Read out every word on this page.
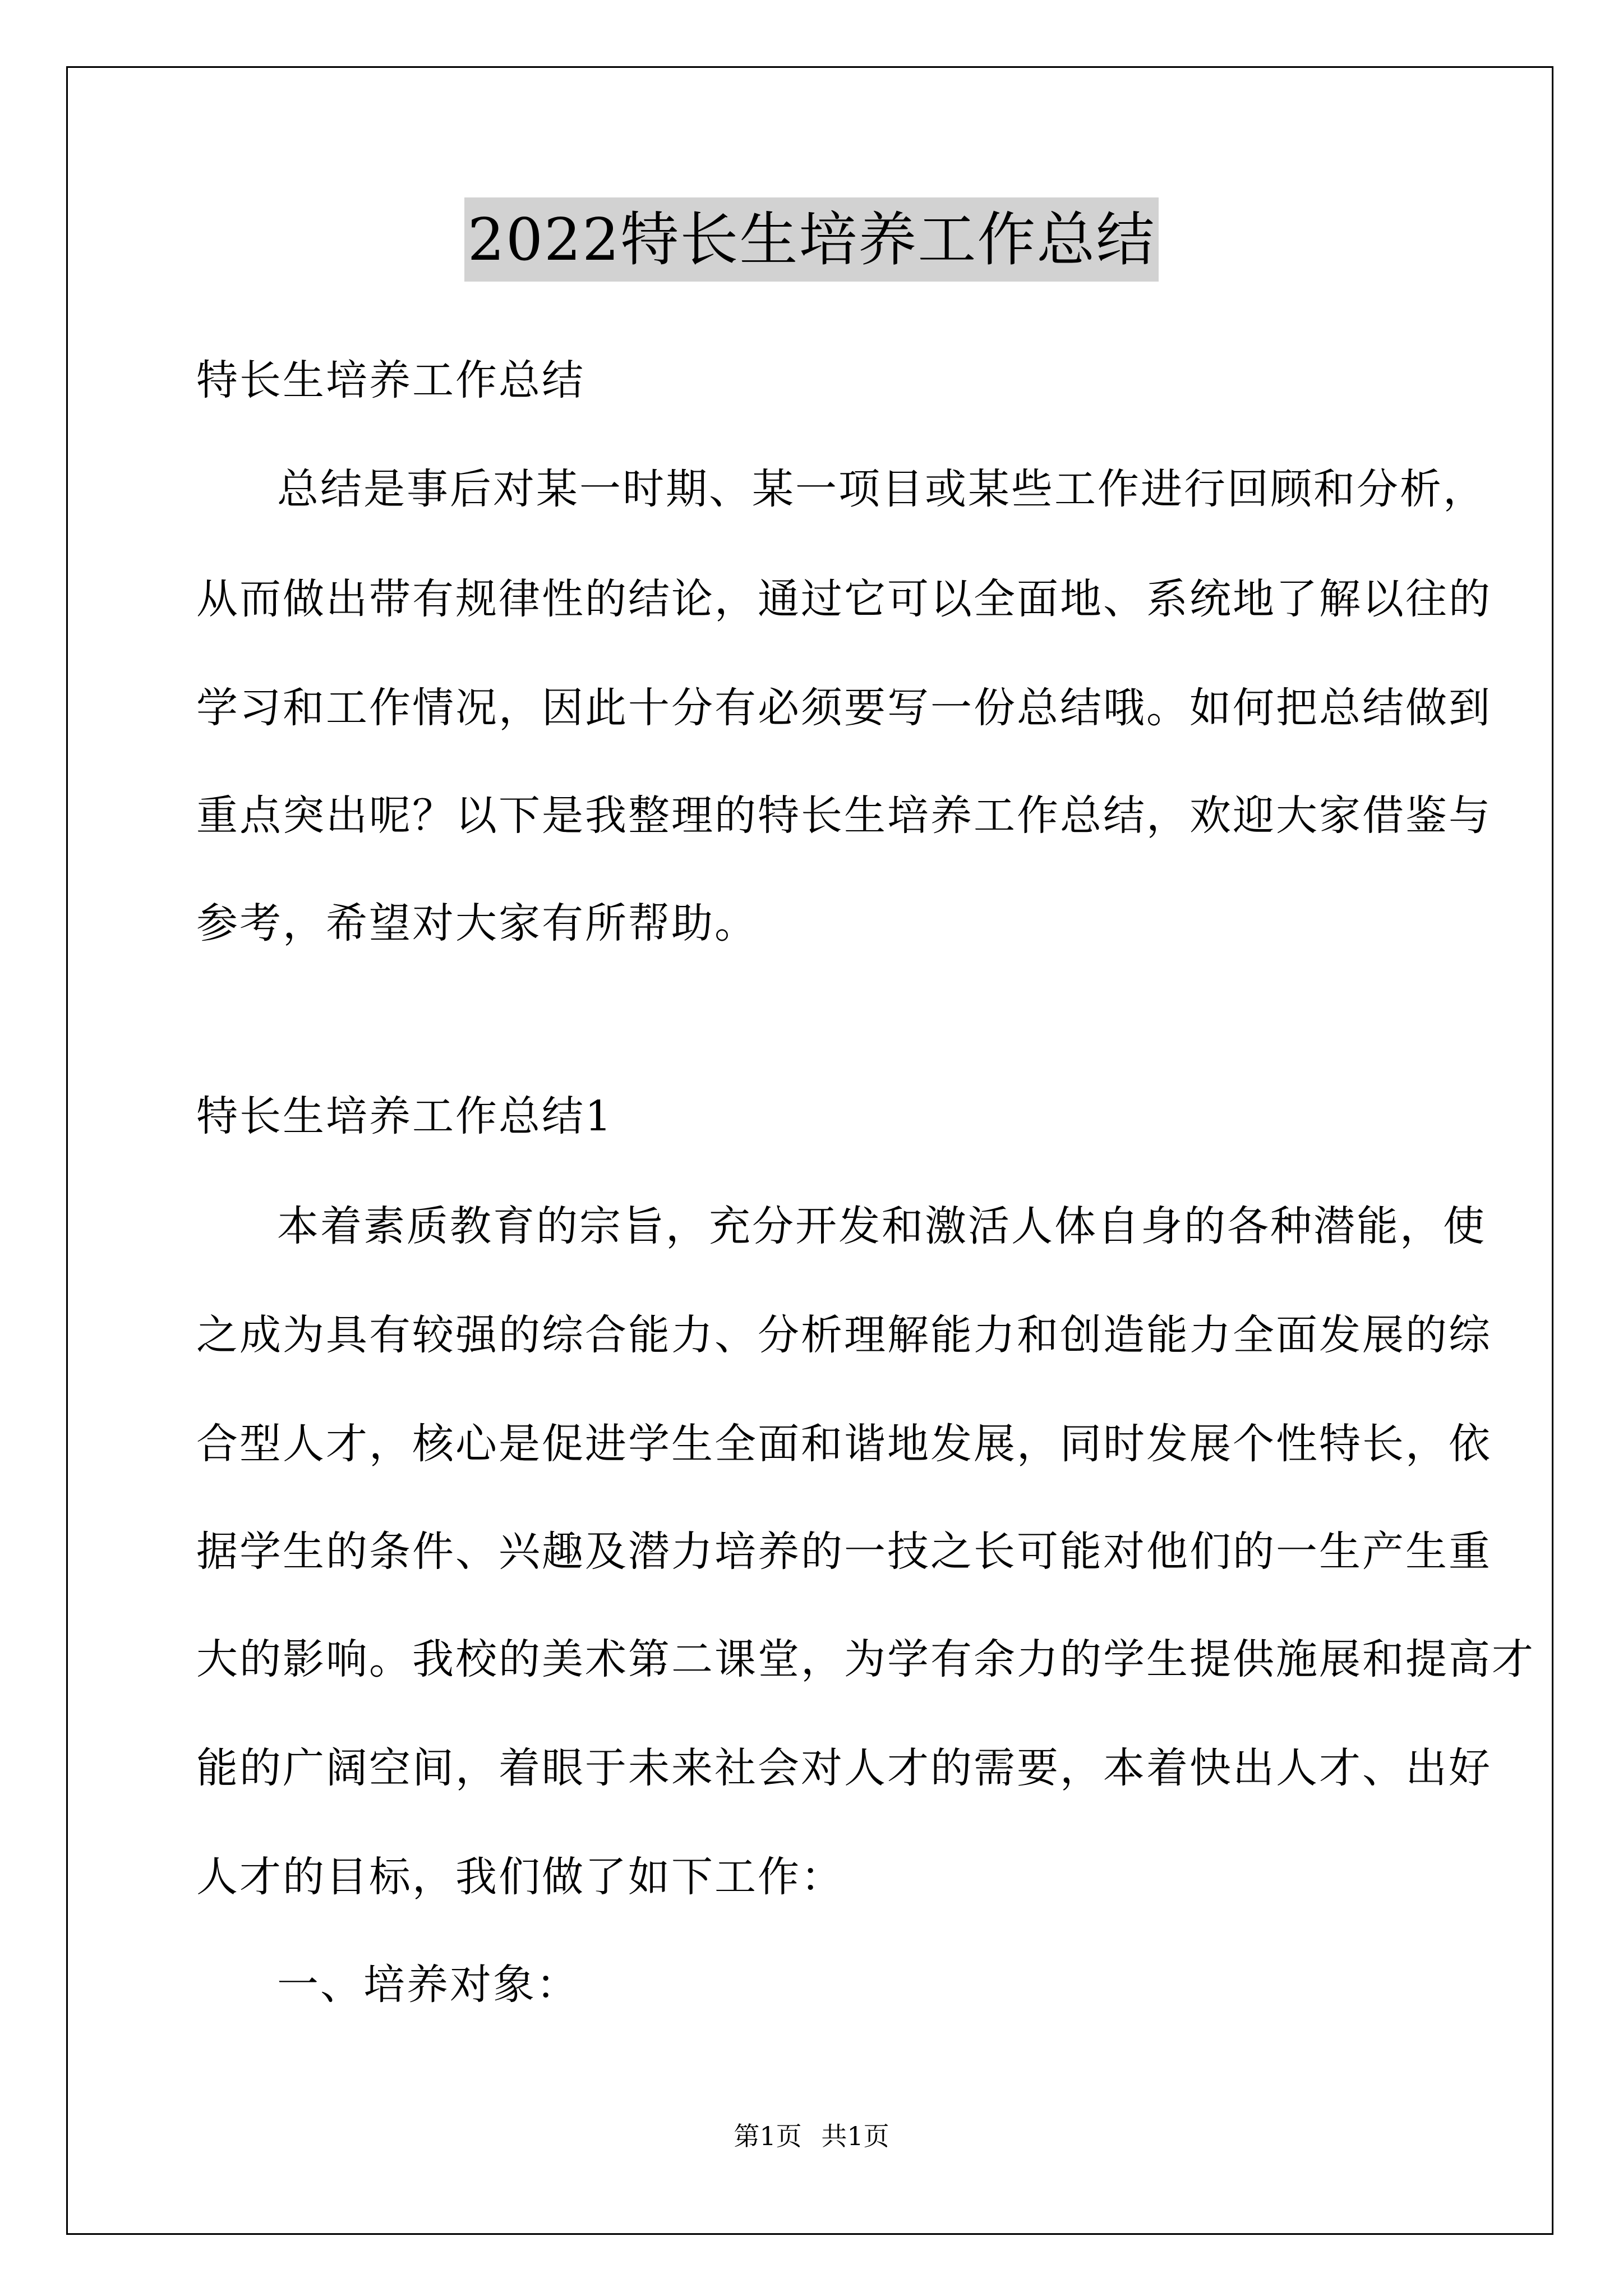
2022特长生培养工作总结
特长生培养工作总结
总结是事后对某一时期、某一项目或某些工作进行回顾和分析，
从而做出带有规律性的结论，通过它可以全面地、系统地了解以往的
学习和工作情况，因此十分有必须要写一份总结哦。如何把总结做到
重点突出呢？以下是我整理的特长生培养工作总结，欢迎大家借鉴与
参考，希望对大家有所帮助。
特长生培养工作总结1
本着素质教育的宗旨，充分开发和激活人体自身的各种潜能，使
之成为具有较强的综合能力、分析理解能力和创造能力全面发展的综
合型人才，核心是促进学生全面和谐地发展，同时发展个性特长，依
据学生的条件、兴趣及潜力培养的一技之长可能对他们的一生产生重
大的影响。我校的美术第二课堂，为学有余力的学生提供施展和提高才
能的广阔空间，着眼于未来社会对人才的需要，本着快出人才、出好
人才的目标，我们做了如下工作：
一、培养对象：
第1页 共1页
